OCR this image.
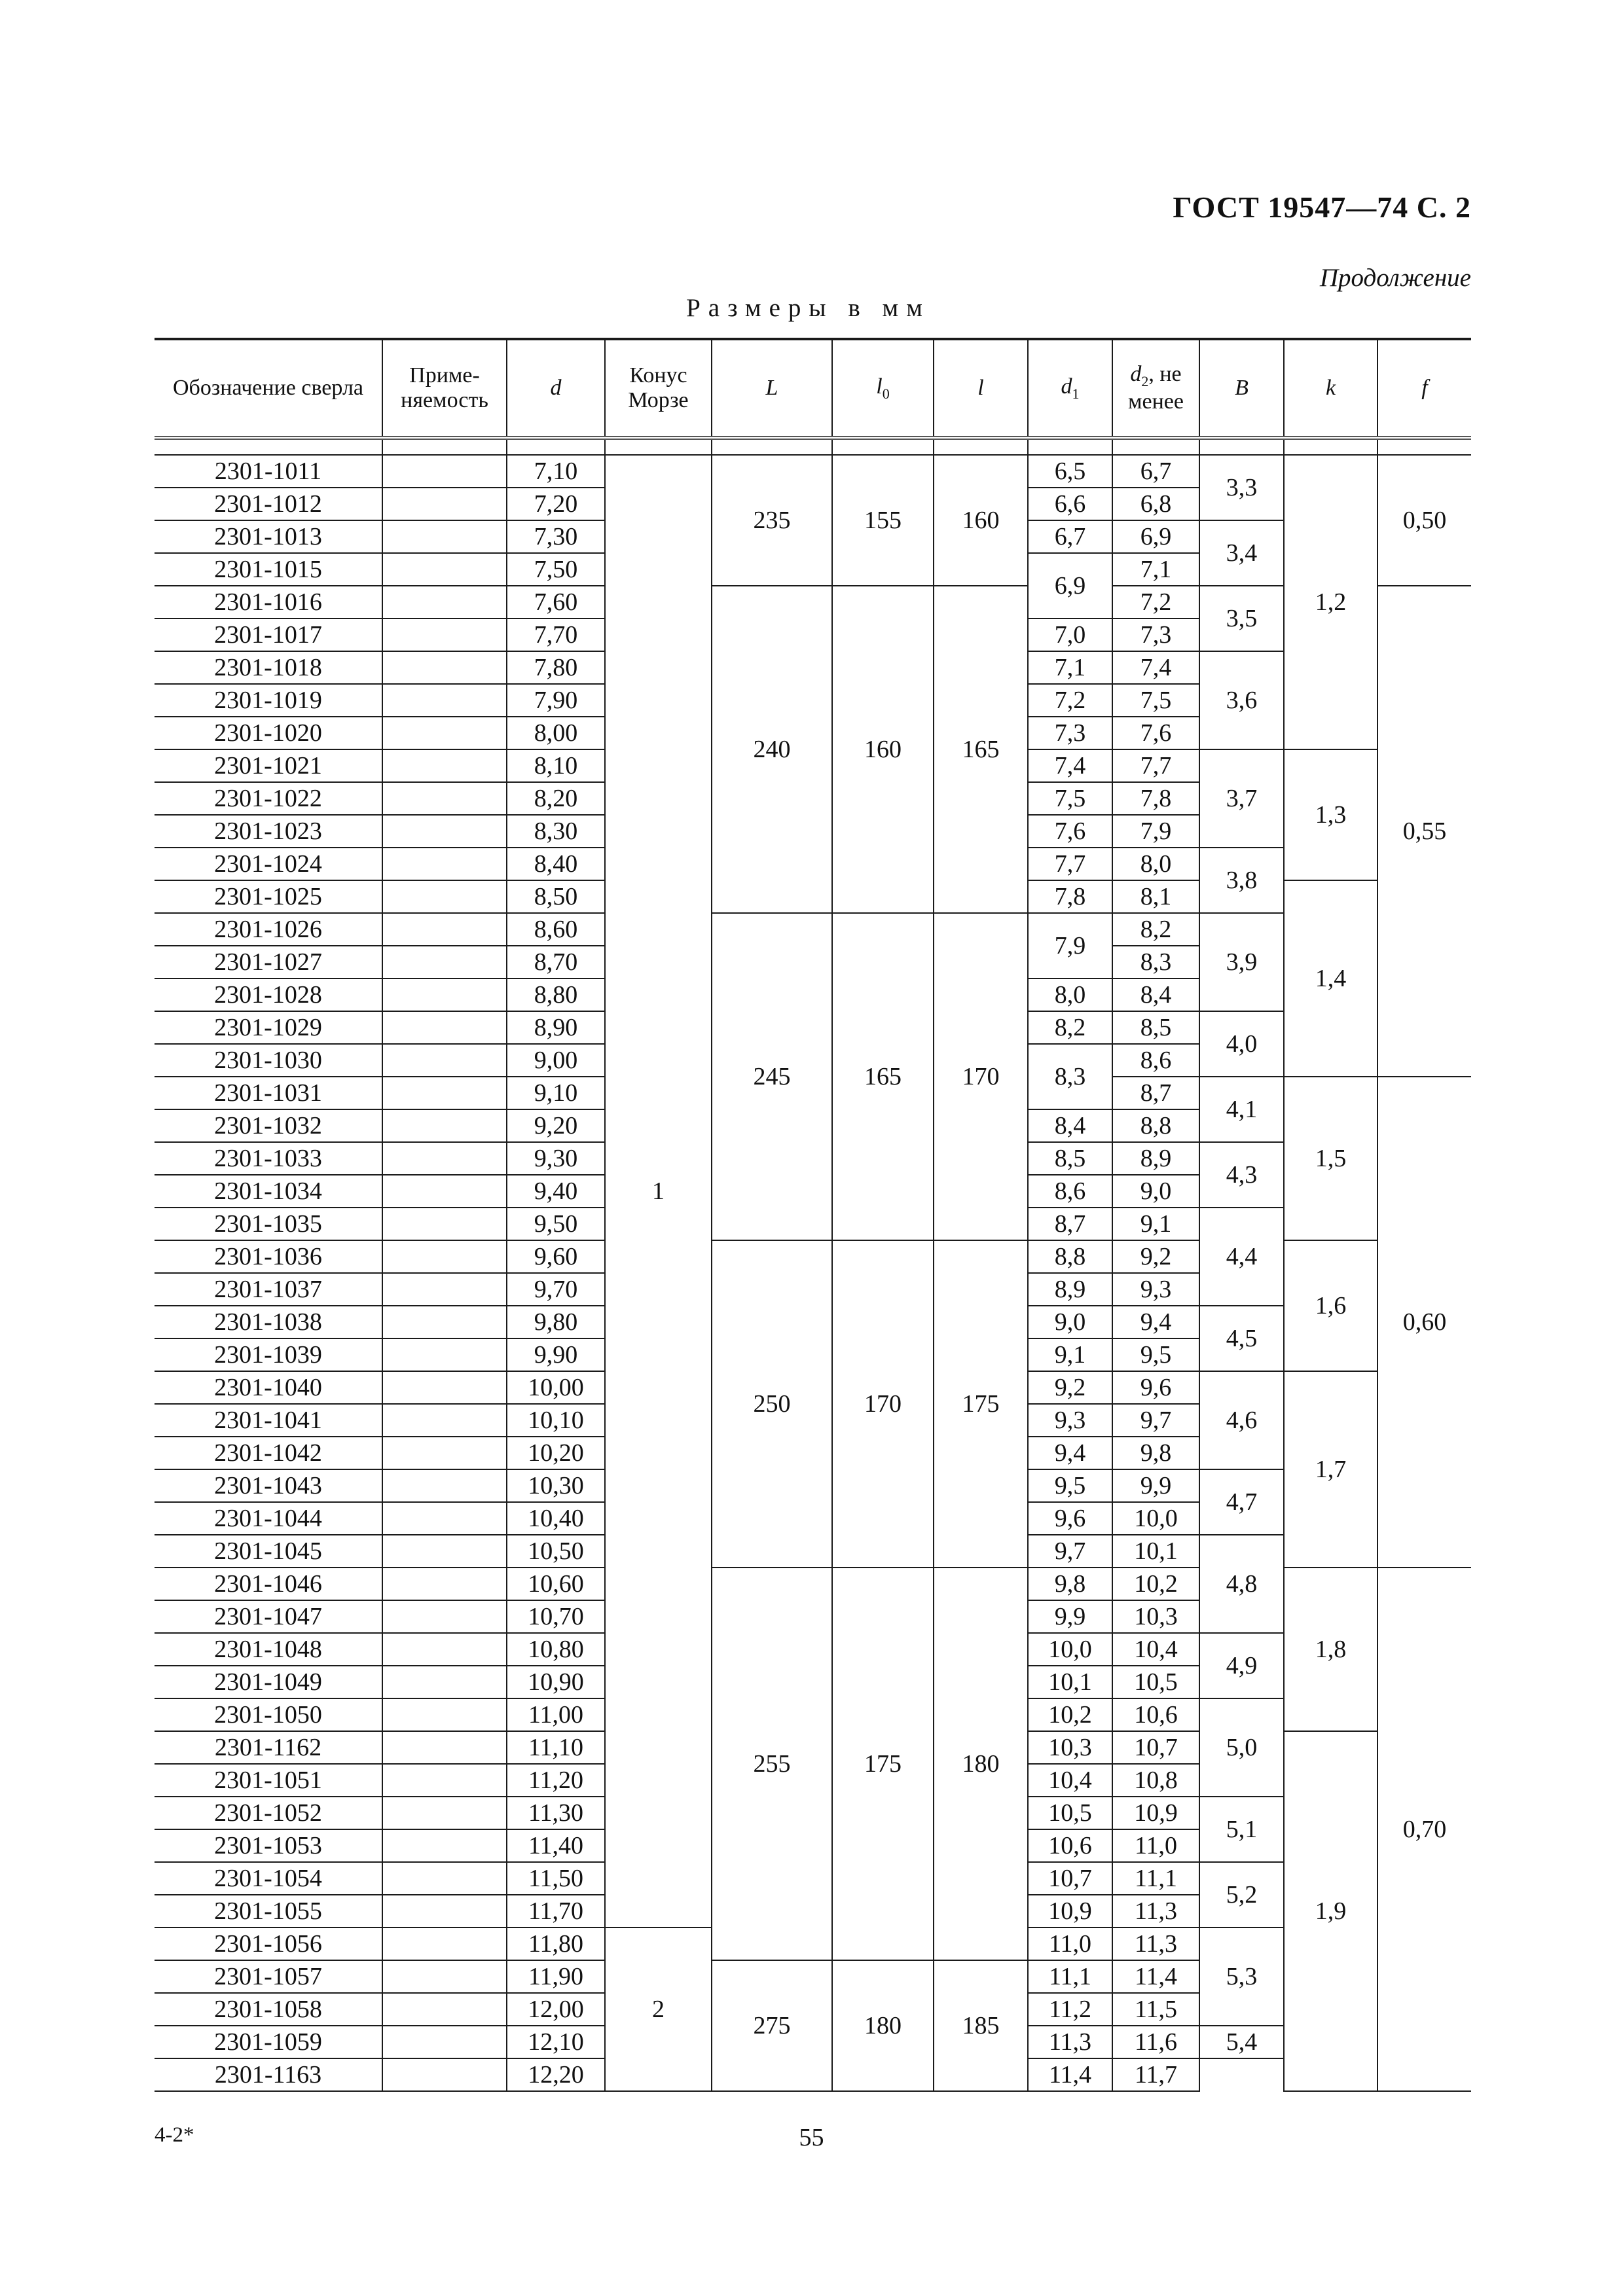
ГОСТ 19547—74 С. 2
Продолжение
Размеры в мм
Обозначение сверла	Приме- няемость	d	Конус Морзе	L	$l_0$	l	$d_1$	$d_2$, не менее	B	k	f

2301-1011		7,10	1	235	155	160	6,5	6,7	3,3	1,2	0,50
2301-1012		7,20					6,6	6,8			
2301-1013		7,30					6,7	6,9	3,4		
2301-1015		7,50					6,9	7,1			
2301-1016		7,60		240	160	165		7,2	3,5		0,55
2301-1017		7,70					7,0	7,3			
2301-1018		7,80					7,1	7,4	3,6		
2301-1019		7,90					7,2	7,5			
2301-1020		8,00					7,3	7,6			
2301-1021		8,10					7,4	7,7	3,7	1,3	
2301-1022		8,20					7,5	7,8			
2301-1023		8,30					7,6	7,9			
2301-1024		8,40					7,7	8,0	3,8		
2301-1025		8,50					7,8	8,1		1,4	
2301-1026		8,60		245	165	170	7,9	8,2	3,9		
2301-1027		8,70						8,3			
2301-1028		8,80					8,0	8,4			
2301-1029		8,90					8,2	8,5	4,0		
2301-1030		9,00					8,3	8,6			
2301-1031		9,10						8,7	4,1	1,5	0,60
2301-1032		9,20					8,4	8,8			
2301-1033		9,30					8,5	8,9	4,3		
2301-1034		9,40					8,6	9,0			
2301-1035		9,50					8,7	9,1	4,4		
2301-1036		9,60		250	170	175	8,8	9,2		1,6	
2301-1037		9,70					8,9	9,3			
2301-1038		9,80					9,0	9,4	4,5		
2301-1039		9,90					9,1	9,5			
2301-1040		10,00					9,2	9,6	4,6	1,7	
2301-1041		10,10					9,3	9,7			
2301-1042		10,20					9,4	9,8			
2301-1043		10,30					9,5	9,9	4,7		
2301-1044		10,40					9,6	10,0			
2301-1045		10,50					9,7	10,1	4,8		
2301-1046		10,60		255	175	180	9,8	10,2		1,8	0,70
2301-1047		10,70					9,9	10,3			
2301-1048		10,80					10,0	10,4	4,9		
2301-1049		10,90					10,1	10,5			
2301-1050		11,00					10,2	10,6	5,0		
2301-1162		11,10					10,3	10,7		1,9	
2301-1051		11,20					10,4	10,8			
2301-1052		11,30					10,5	10,9	5,1		
2301-1053		11,40					10,6	11,0			
2301-1054		11,50					10,7	11,1	5,2		
2301-1055		11,70					10,9	11,3			
2301-1056		11,80	2				11,0	11,3	5,3		
2301-1057		11,90		275	180	185	11,1	11,4			
2301-1058		12,00					11,2	11,5			
2301-1059		12,10					11,3	11,6	5,4		
2301-1163		12,20					11,4	11,7			
4-2*	55
